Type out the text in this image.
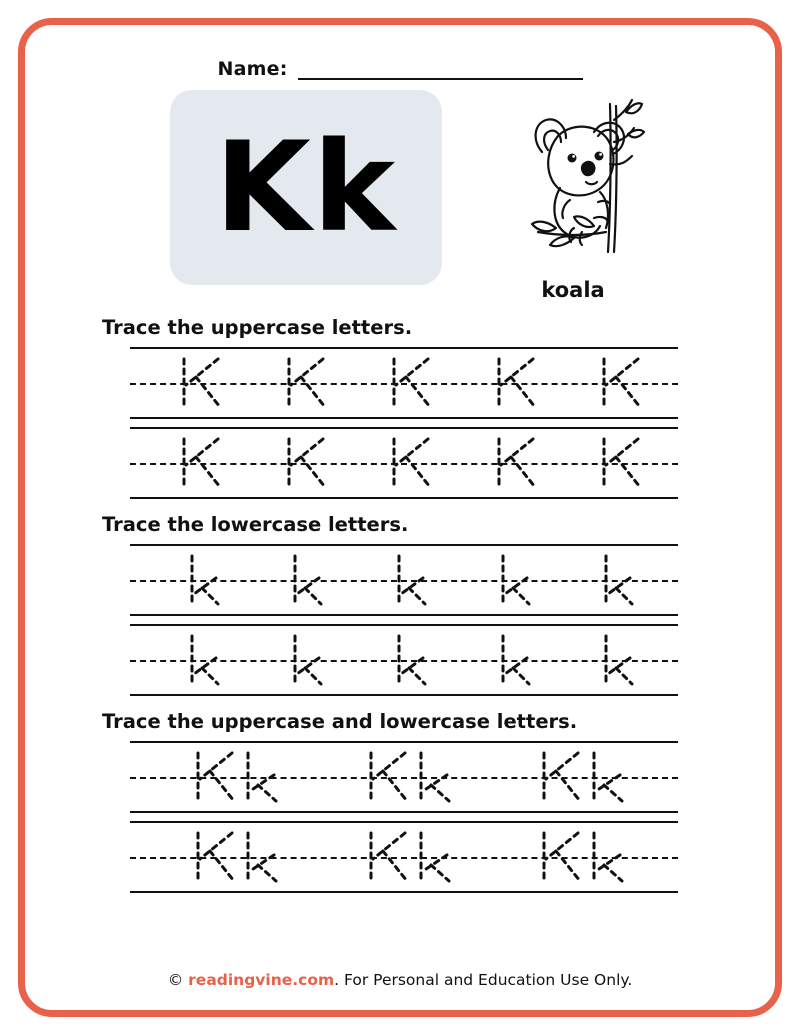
Name:
Kk
koala
Trace the uppercase letters.
Trace the lowercase letters.
Trace the uppercase and lowercase letters.
© readingvine.com. For Personal and Education Use Only.
